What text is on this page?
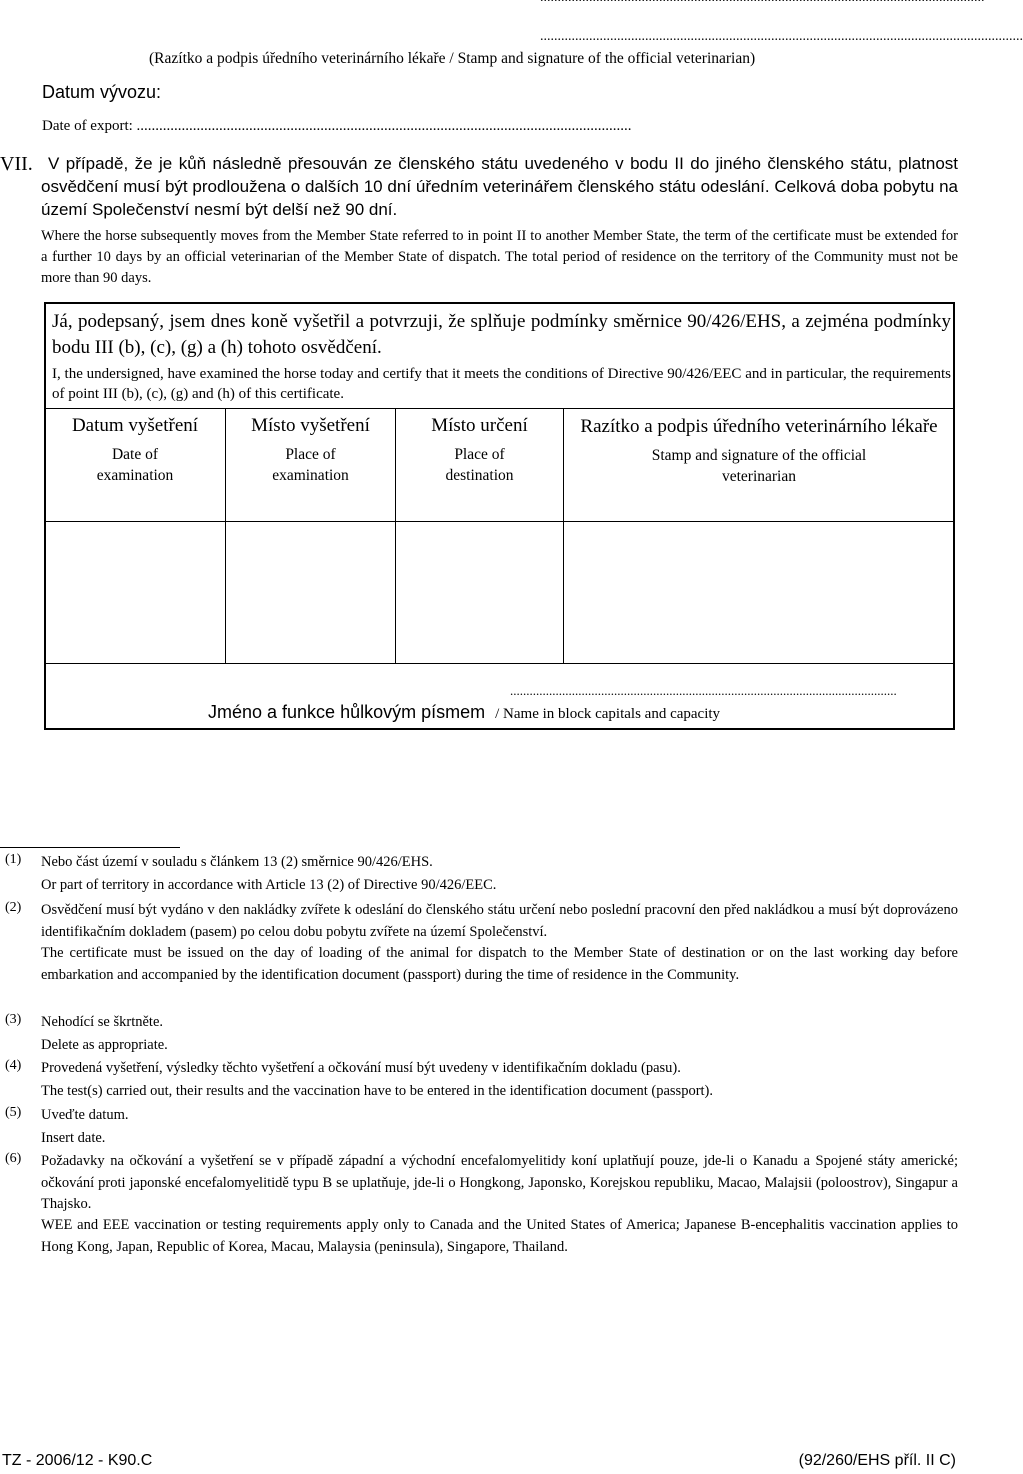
..........................................................................................................................................
(Razítko a podpis úředního veterinárního lékaře / Stamp and signature of the official veterinarian)
Datum vývozu:
Date of export: ....................................................................................................................................
VII. V případě, že je kůň následně přesouván ze členského státu uvedeného v bodu II do jiného členského státu, platnost osvědčení musí být prodloužena o dalších 10 dní úředním veterinářem členského státu odeslání. Celková doba pobytu na území Společenství nesmí být delší než 90 dní.
Where the horse subsequently moves from the Member State referred to in point II to another Member State, the term of the certificate must be extended for a further 10 days by an official veterinarian of the Member State of dispatch. The total period of residence on the territory of the Community must not be more than 90 days.
Já, podepsaný, jsem dnes koně vyšetřil a potvrzuji, že splňuje podmínky směrnice 90/426/EHS, a zejména podmínky bodu III (b), (c), (g) a (h) tohoto osvědčení.
I, the undersigned, have examined the horse today and certify that it meets the conditions of Directive 90/426/EEC and in particular, the requirements of point III (b), (c), (g) and (h) of this certificate.
Datum vyšetření
Date of examination
Místo vyšetření
Place of examination
Místo určení
Place of destination
Razítko a podpis úředního veterinárního lékaře
Stamp and signature of the official veterinarian
.......................................................................................................................
Jméno a funkce hůlkovým písmem / Name in block capitals and capacity
(1) Nebo část území v souladu s článkem 13 (2) směrnice 90/426/EHS.
Or part of territory in accordance with Article 13 (2) of Directive 90/426/EEC.
(2) Osvědčení musí být vydáno v den nakládky zvířete k odeslání do členského státu určení nebo poslední pracovní den před nakládkou a musí být doprovázeno identifikačním dokladem (pasem) po celou dobu pobytu zvířete na území Společenství.
The certificate must be issued on the day of loading of the animal for dispatch to the Member State of destination or on the last working day before embarkation and accompanied by the identification document (passport) during the time of residence in the Community.
(3) Nehodící se škrtněte.
Delete as appropriate.
(4) Provedená vyšetření, výsledky těchto vyšetření a očkování musí být uvedeny v identifikačním dokladu (pasu).
The test(s) carried out, their results and the vaccination have to be entered in the identification document (passport).
(5) Uveďte datum.
Insert date.
(6) Požadavky na očkování a vyšetření se v případě západní a východní encefalomyelitidy koní uplatňují pouze, jde-li o Kanadu a Spojené státy americké; očkování proti japonské encefalomyelitidě typu B se uplatňuje, jde-li o Hongkong, Japonsko, Korejskou republiku, Macao, Malajsii (poloostrov), Singapur a Thajsko.
WEE and EEE vaccination or testing requirements apply only to Canada and the United States of America; Japanese B-encephalitis vaccination applies to Hong Kong, Japan, Republic of Korea, Macau, Malaysia (peninsula), Singapore, Thailand.
TZ - 2006/12 - K90.C	(92/260/EHS příl. II C)
